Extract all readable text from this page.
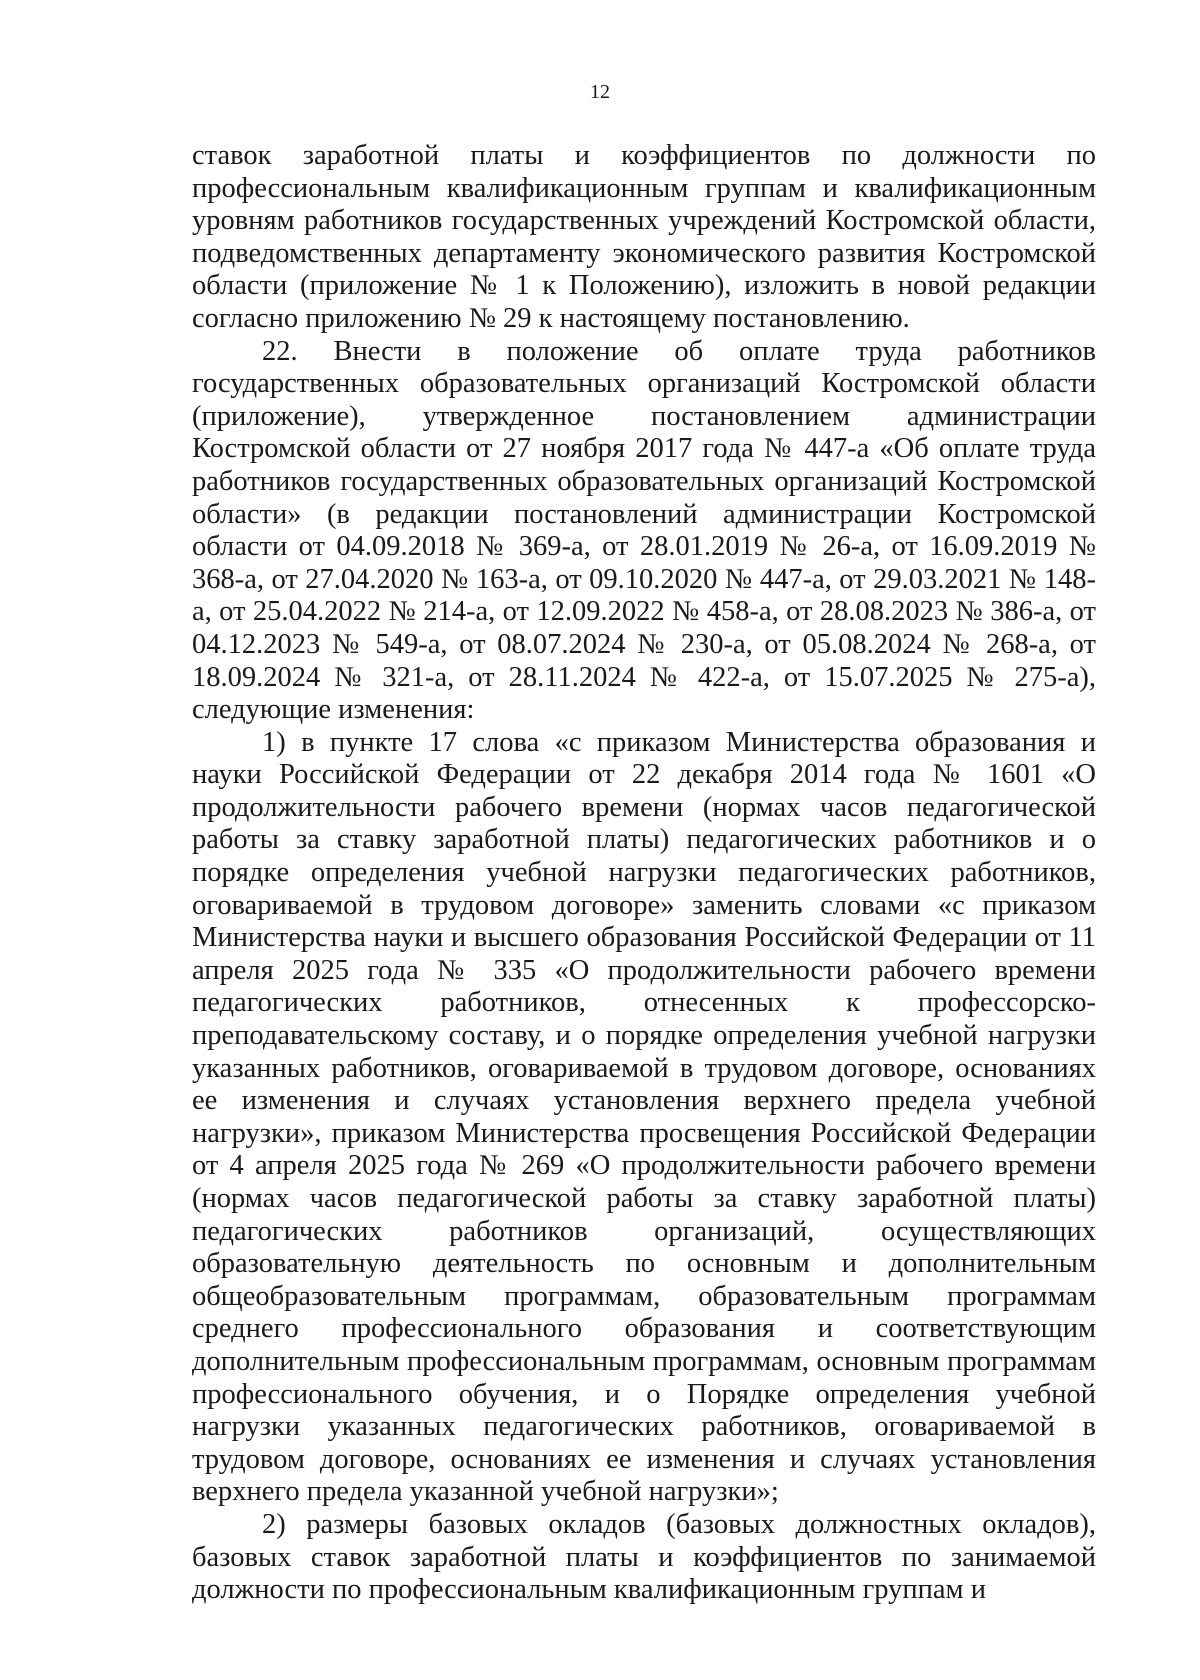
12

ставок заработной платы и коэффициентов по должности по профессиональным квалификационным группам и квалификационным уровням работников государственных учреждений Костромской области, подведомственных департаменту экономического развития Костромской области (приложение № 1 к Положению), изложить в новой редакции согласно приложению № 29 к настоящему постановлению.

22. Внести в положение об оплате труда работников государственных образовательных организаций Костромской области (приложение), утвержденное постановлением администрации Костромской области от 27 ноября 2017 года № 447-а «Об оплате труда работников государственных образовательных организаций Костромской области» (в редакции постановлений администрации Костромской области от 04.09.2018 № 369-а, от 28.01.2019 № 26-а, от 16.09.2019 № 368-а, от 27.04.2020 № 163-а, от 09.10.2020 № 447-а, от 29.03.2021 № 148-а, от 25.04.2022 № 214-а, от 12.09.2022 № 458-а, от 28.08.2023 № 386-а, от 04.12.2023 № 549-а, от 08.07.2024 № 230-а, от 05.08.2024 № 268-а, от 18.09.2024 № 321-а, от 28.11.2024 № 422-а, от 15.07.2025 № 275-а), следующие изменения:

1) в пункте 17 слова «с приказом Министерства образования и науки Российской Федерации от 22 декабря 2014 года № 1601 «О продолжительности рабочего времени (нормах часов педагогической работы за ставку заработной платы) педагогических работников и о порядке определения учебной нагрузки педагогических работников, оговариваемой в трудовом договоре» заменить словами «с приказом Министерства науки и высшего образования Российской Федерации от 11 апреля 2025 года № 335 «О продолжительности рабочего времени педагогических работников, отнесенных к профессорско-преподавательскому составу, и о порядке определения учебной нагрузки указанных работников, оговариваемой в трудовом договоре, основаниях ее изменения и случаях установления верхнего предела учебной нагрузки», приказом Министерства просвещения Российской Федерации от 4 апреля 2025 года № 269 «О продолжительности рабочего времени (нормах часов педагогической работы за ставку заработной платы) педагогических работников организаций, осуществляющих образовательную деятельность по основным и дополнительным общеобразовательным программам, образовательным программам среднего профессионального образования и соответствующим дополнительным профессиональным программам, основным программам профессионального обучения, и о Порядке определения учебной нагрузки указанных педагогических работников, оговариваемой в трудовом договоре, основаниях ее изменения и случаях установления верхнего предела указанной учебной нагрузки»;

2) размеры базовых окладов (базовых должностных окладов), базовых ставок заработной платы и коэффициентов по занимаемой должности по профессиональным квалификационным группам и
